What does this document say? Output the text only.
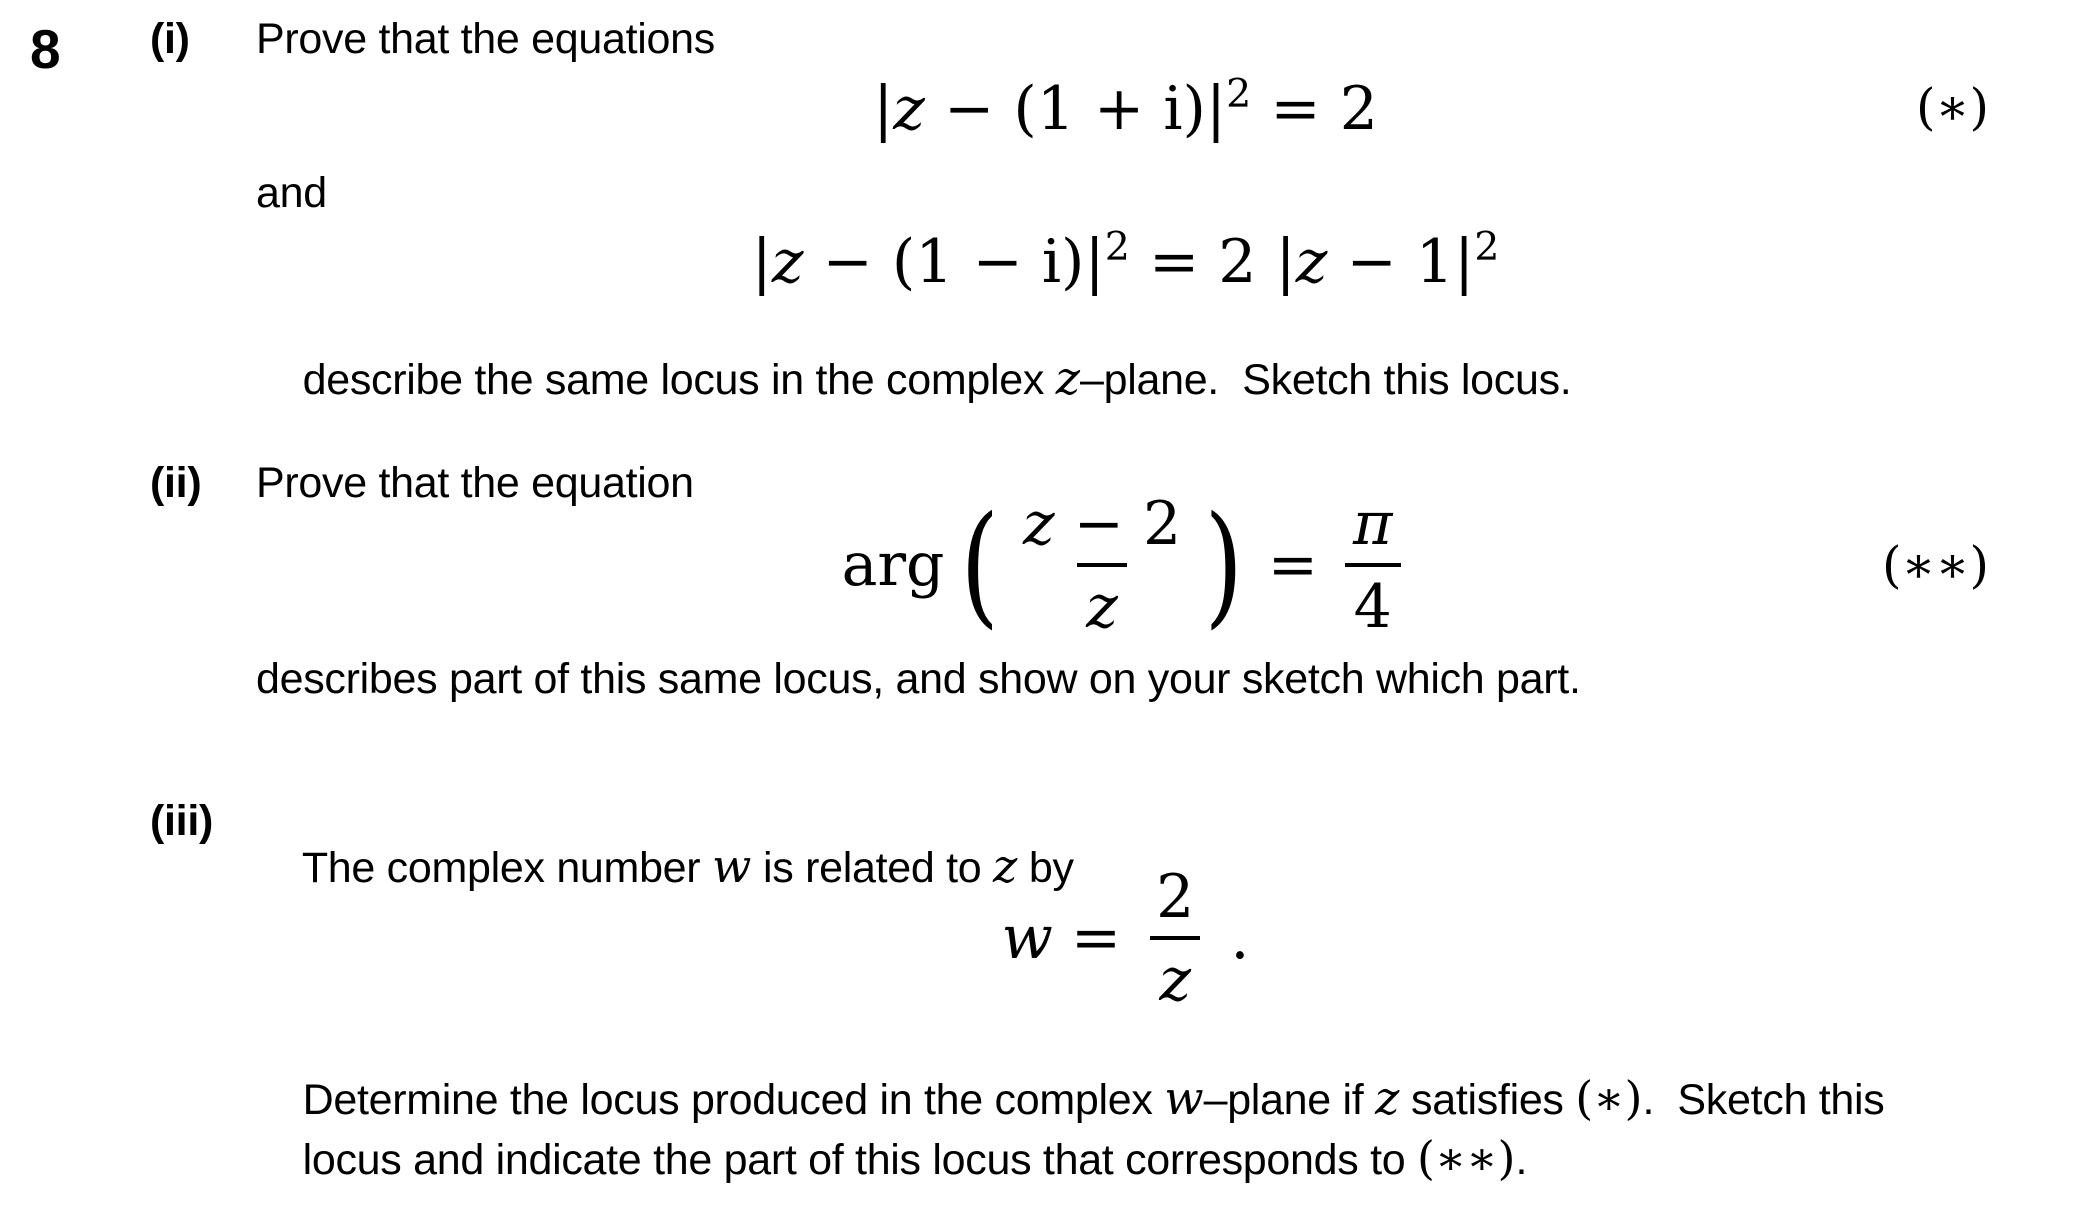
8 (i) Prove that the equations
$|z - (1 + i)|^2 = 2$	(∗)
and
$|z - (1 - i)|^2 = 2$ $|z - 1|^2$

describe the same locus in the complex z–plane.  Sketch this locus.

(ii) Prove that the equation
arg ( $\frac{z - 2}{z}$ ) = $\frac{\pi}{4}$	(∗∗)
describes part of this same locus, and show on your sketch which part.
(iii)

The complex number w is related to z by

$w = \frac{2}{z}$ .

Determine the locus produced in the complex w–plane if z satisfies (∗).  Sketch this

locus and indicate the part of this locus that corresponds to (∗∗).
